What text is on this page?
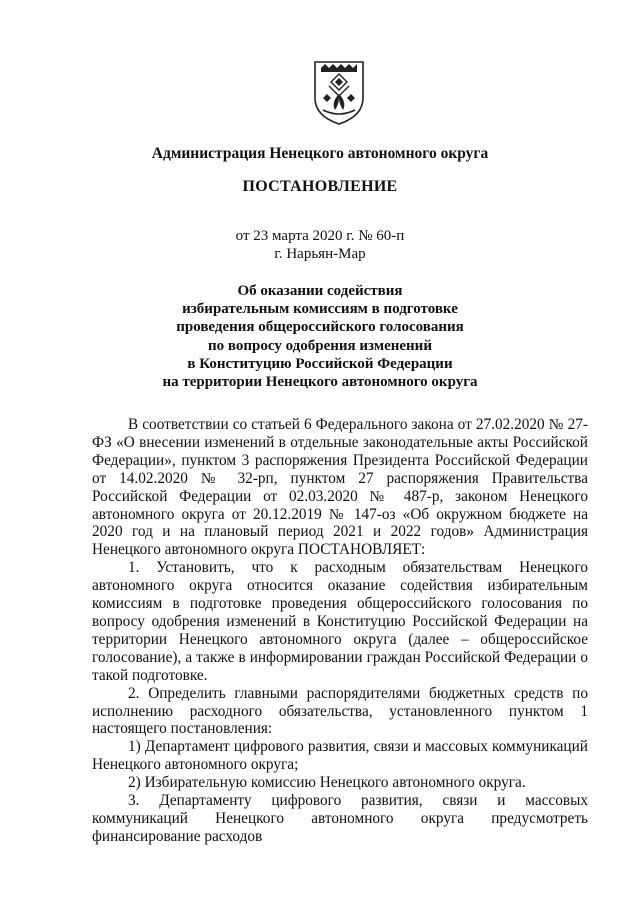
Администрация Ненецкого автономного округа
ПОСТАНОВЛЕНИЕ
от 23 марта 2020 г. № 60-п
г. Нарьян-Мар
Об оказании содействия
избирательным комиссиям в подготовке
проведения общероссийского голосования
по вопросу одобрения изменений
в Конституцию Российской Федерации
на территории Ненецкого автономного округа

В соответствии со статьей 6 Федерального закона от 27.02.2020 № 27-ФЗ «О внесении изменений в отдельные законодательные акты Российской Федерации», пунктом 3 распоряжения Президента Российской Федерации от 14.02.2020 № 32-рп, пунктом 27 распоряжения Правительства Российской Федерации от 02.03.2020 № 487-р, законом Ненецкого автономного округа от 20.12.2019 № 147-оз «Об окружном бюджете на 2020 год и на плановый период 2021 и 2022 годов» Администрация Ненецкого автономного округа ПОСТАНОВЛЯЕТ:

1. Установить, что к расходным обязательствам Ненецкого автономного округа относится оказание содействия избирательным комиссиям в подготовке проведения общероссийского голосования по вопросу одобрения изменений в Конституцию Российской Федерации на территории Ненецкого автономного округа (далее – общероссийское голосование), а также в информировании граждан Российской Федерации о такой подготовке.

2. Определить главными распорядителями бюджетных средств по исполнению расходного обязательства, установленного пунктом 1 настоящего постановления:

1) Департамент цифрового развития, связи и массовых коммуникаций Ненецкого автономного округа;

2) Избирательную комиссию Ненецкого автономного округа.

3. Департаменту цифрового развития, связи и массовых коммуникаций Ненецкого автономного округа предусмотреть финансирование расходов
